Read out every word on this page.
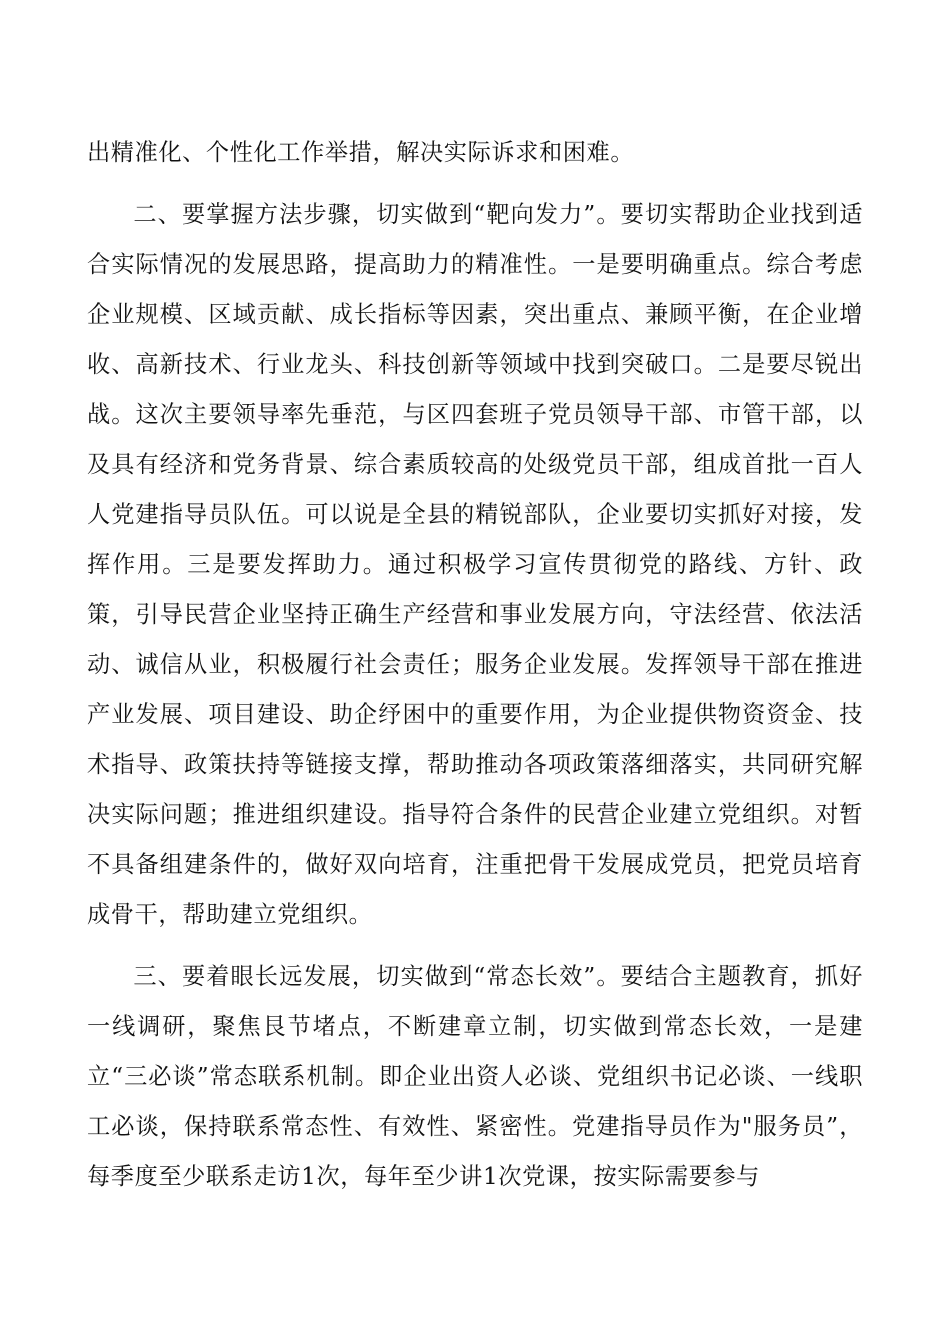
出精准化、个性化工作举措，解决实际诉求和困难。

二、要掌握方法步骤，切实做到“靶向发力”。要切实帮助企业找到适合实际情况的发展思路，提高助力的精准性。一是要明确重点。综合考虑企业规模、区域贡献、成长指标等因素，突出重点、兼顾平衡，在企业增收、高新技术、行业龙头、科技创新等领域中找到突破口。二是要尽锐出战。这次主要领导率先垂范，与区四套班子党员领导干部、市管干部，以及具有经济和党务背景、综合素质较高的处级党员干部，组成首批一百人人党建指导员队伍。可以说是全县的精锐部队，企业要切实抓好对接，发挥作用。三是要发挥助力。通过积极学习宣传贯彻党的路线、方针、政策，引导民营企业坚持正确生产经营和事业发展方向，守法经营、依法活动、诚信从业，积极履行社会责任；服务企业发展。发挥领导干部在推进产业发展、项目建设、助企纾困中的重要作用，为企业提供物资资金、技术指导、政策扶持等链接支撑，帮助推动各项政策落细落实，共同研究解决实际问题；推进组织建设。指导符合条件的民营企业建立党组织。对暂不具备组建条件的，做好双向培育，注重把骨干发展成党员，把党员培育成骨干，帮助建立党组织。

三、要着眼长远发展，切实做到“常态长效”。要结合主题教育，抓好一线调研，聚焦艮节堵点，不断建章立制，切实做到常态长效，一是建立“三必谈”常态联系机制。即企业出资人必谈、党组织书记必谈、一线职工必谈，保持联系常态性、有效性、紧密性。党建指导员作为"服务员”，每季度至少联系走访1次，每年至少讲1次党课，按实际需要参与
